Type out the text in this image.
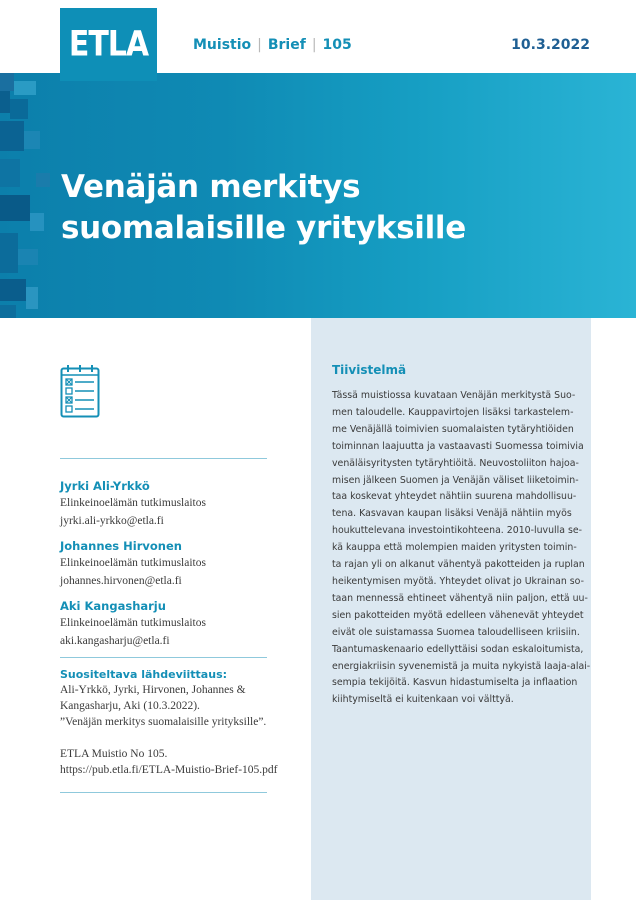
ETLA	Muistio | Brief | 105	10.3.2022
Venäjän merkitys
suomalaisille yrityksille
Jyrki Ali-Yrkkö
Elinkeinoelämän tutkimuslaitos
jyrki.ali-yrkko@etla.fi
Johannes Hirvonen
Elinkeinoelämän tutkimuslaitos
johannes.hirvonen@etla.fi
Aki Kangasharju
Elinkeinoelämän tutkimuslaitos
aki.kangasharju@etla.fi
Suositeltava lähdeviittaus:
Ali-Yrkkö, Jyrki, Hirvonen, Johannes &
Kangasharju, Aki (10.3.2022).
”Venäjän merkitys suomalaisille yrityksille”.
ETLA Muistio No 105.
https://pub.etla.fi/ETLA-Muistio-Brief-105.pdf
Tiivistelmä
Tässä muistiossa kuvataan Venäjän merkitystä Suo-
men taloudelle. Kauppavirtojen lisäksi tarkastelem-
me Venäjällä toimivien suomalaisten tytäryhtiöiden
toiminnan laajuutta ja vastaavasti Suomessa toimivia
venäläisyritysten tytäryhtiöitä. Neuvostoliiton hajoa-
misen jälkeen Suomen ja Venäjän väliset liiketoimin-
taa koskevat yhteydet nähtiin suurena mahdollisuu-
tena. Kasvavan kaupan lisäksi Venäjä nähtiin myös
houkuttelevana investointikohteena. 2010-luvulla se-
kä kauppa että molempien maiden yritysten toimin-
ta rajan yli on alkanut vähentyä pakotteiden ja ruplan
heikentymisen myötä. Yhteydet olivat jo Ukrainan so-
taan mennessä ehtineet vähentyä niin paljon, että uu-
sien pakotteiden myötä edelleen vähenevät yhteydet
eivät ole suistamassa Suomea taloudelliseen kriisiin.
Taantumaskenaario edellyttäisi sodan eskaloitumista,
energiakriisin syvenemistä ja muita nykyistä laaja-alai-
sempia tekijöitä. Kasvun hidastumiselta ja inflaation
kiihtymiseltä ei kuitenkaan voi välttyä.
